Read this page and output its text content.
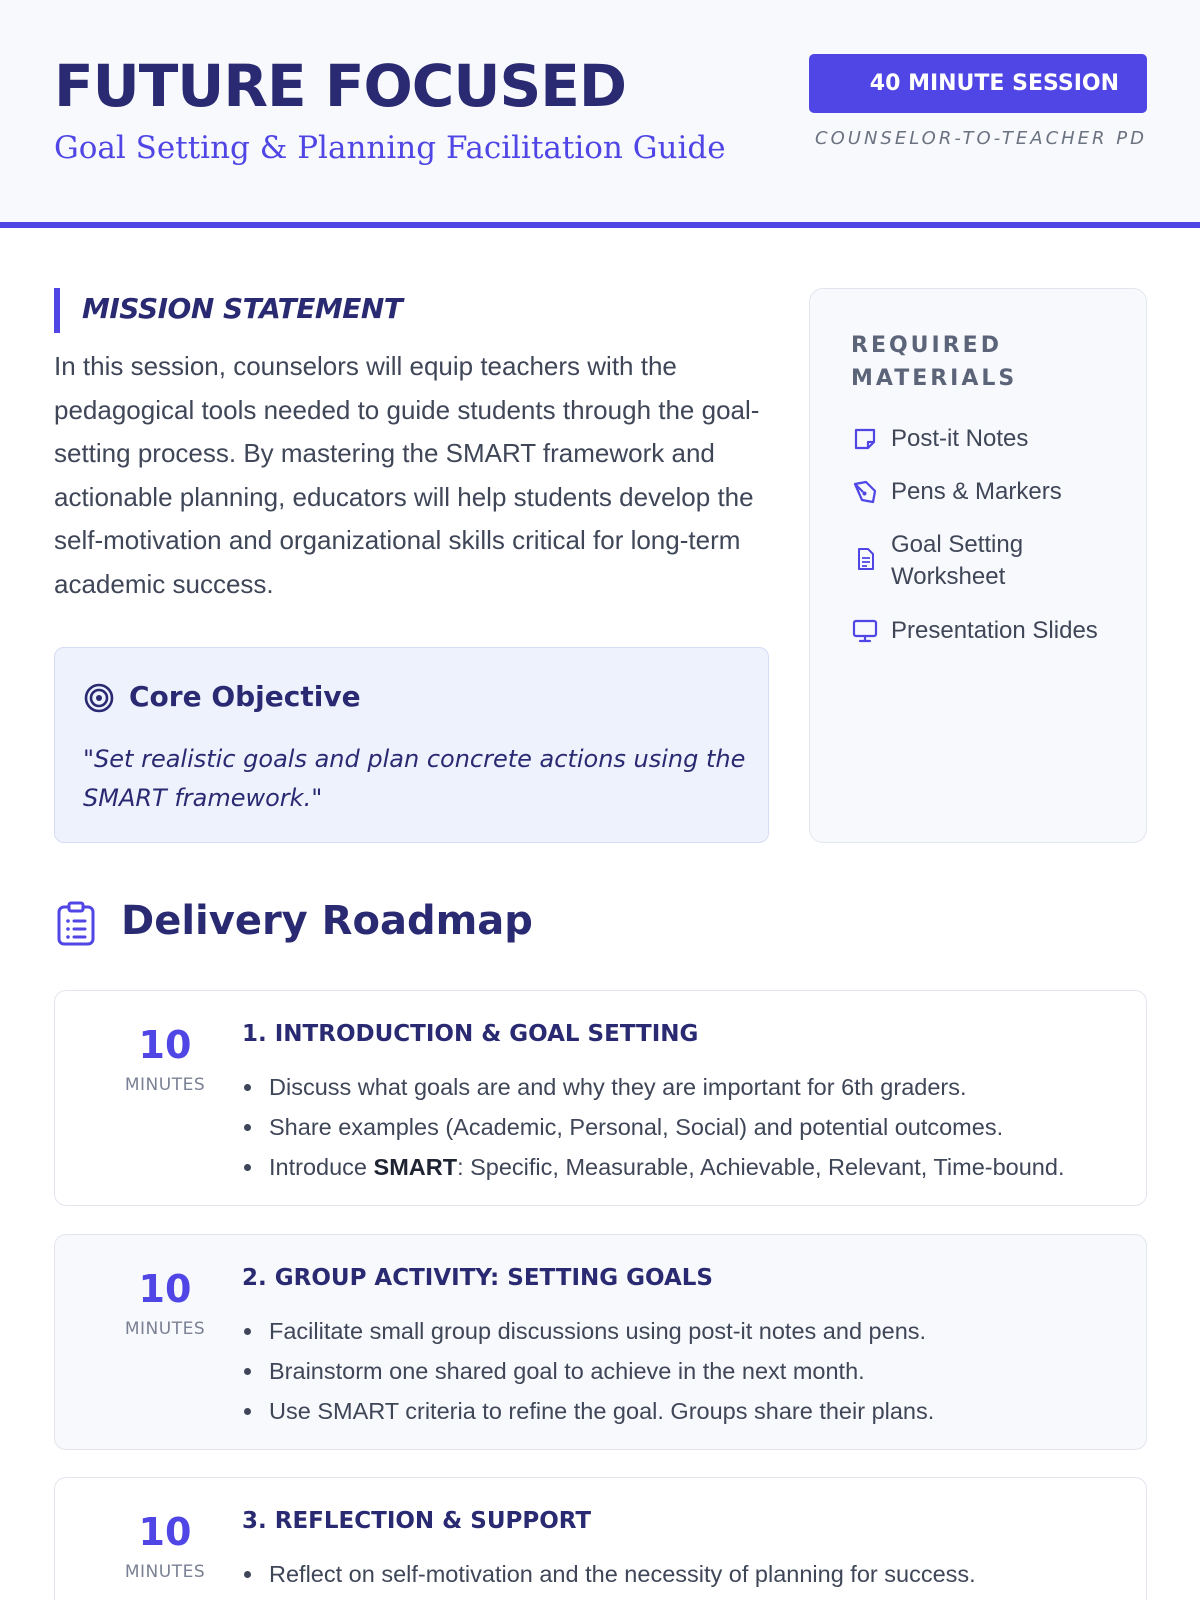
FUTURE FOCUSED
Goal Setting & Planning Facilitation Guide
40 MINUTE SESSION
COUNSELOR-TO-TEACHER PD
MISSION STATEMENT
In this session, counselors will equip teachers with the pedagogical tools needed to guide students through the goal-setting process. By mastering the SMART framework and actionable planning, educators will help students develop the self-motivation and organizational skills critical for long-term academic success.
Core Objective
"Set realistic goals and plan concrete actions using the SMART framework."
REQUIRED MATERIALS
Post-it Notes
Pens & Markers
Goal Setting Worksheet
Presentation Slides
Delivery Roadmap
10
MINUTES
1. INTRODUCTION & GOAL SETTING
Discuss what goals are and why they are important for 6th graders.
Share examples (Academic, Personal, Social) and potential outcomes.
Introduce SMART: Specific, Measurable, Achievable, Relevant, Time-bound.
10
MINUTES
2. GROUP ACTIVITY: SETTING GOALS
Facilitate small group discussions using post-it notes and pens.
Brainstorm one shared goal to achieve in the next month.
Use SMART criteria to refine the goal. Groups share their plans.
10
MINUTES
3. REFLECTION & SUPPORT
Reflect on self-motivation and the necessity of planning for success.
